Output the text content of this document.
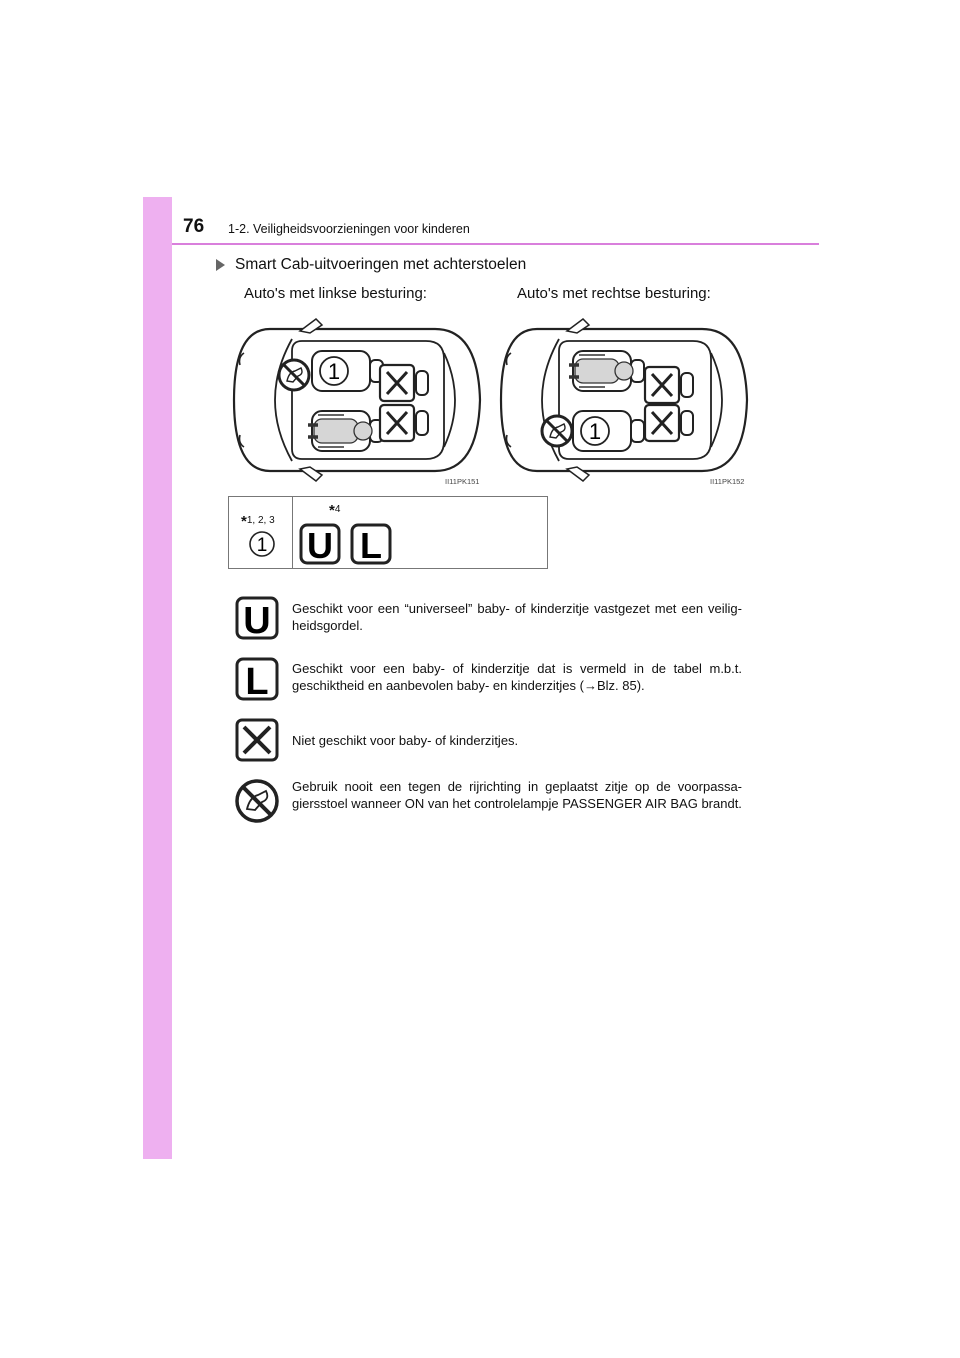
76 1-2. Veiligheidsvoorzieningen voor kinderen
Smart Cab-uitvoeringen met achterstoelen
Auto's met linkse besturing:	Auto's met rechtse besturing:
1
II11PK151
1
II11PK152
*1, 2, 3
1
*4
U L
U Geschikt voor een “universeel” baby- of kinderzitje vastgezet met een veilig-heidsgordel.
L Geschikt voor een baby- of kinderzitje dat is vermeld in de tabel m.b.t. geschiktheid en aanbevolen baby- en kinderzitjes (→Blz. 85).
Niet geschikt voor baby- of kinderzitjes.
Gebruik nooit een tegen de rijrichting in geplaatst zitje op de voorpassa-giersstoel wanneer ON van het controlelampje PASSENGER AIR BAG brandt.
